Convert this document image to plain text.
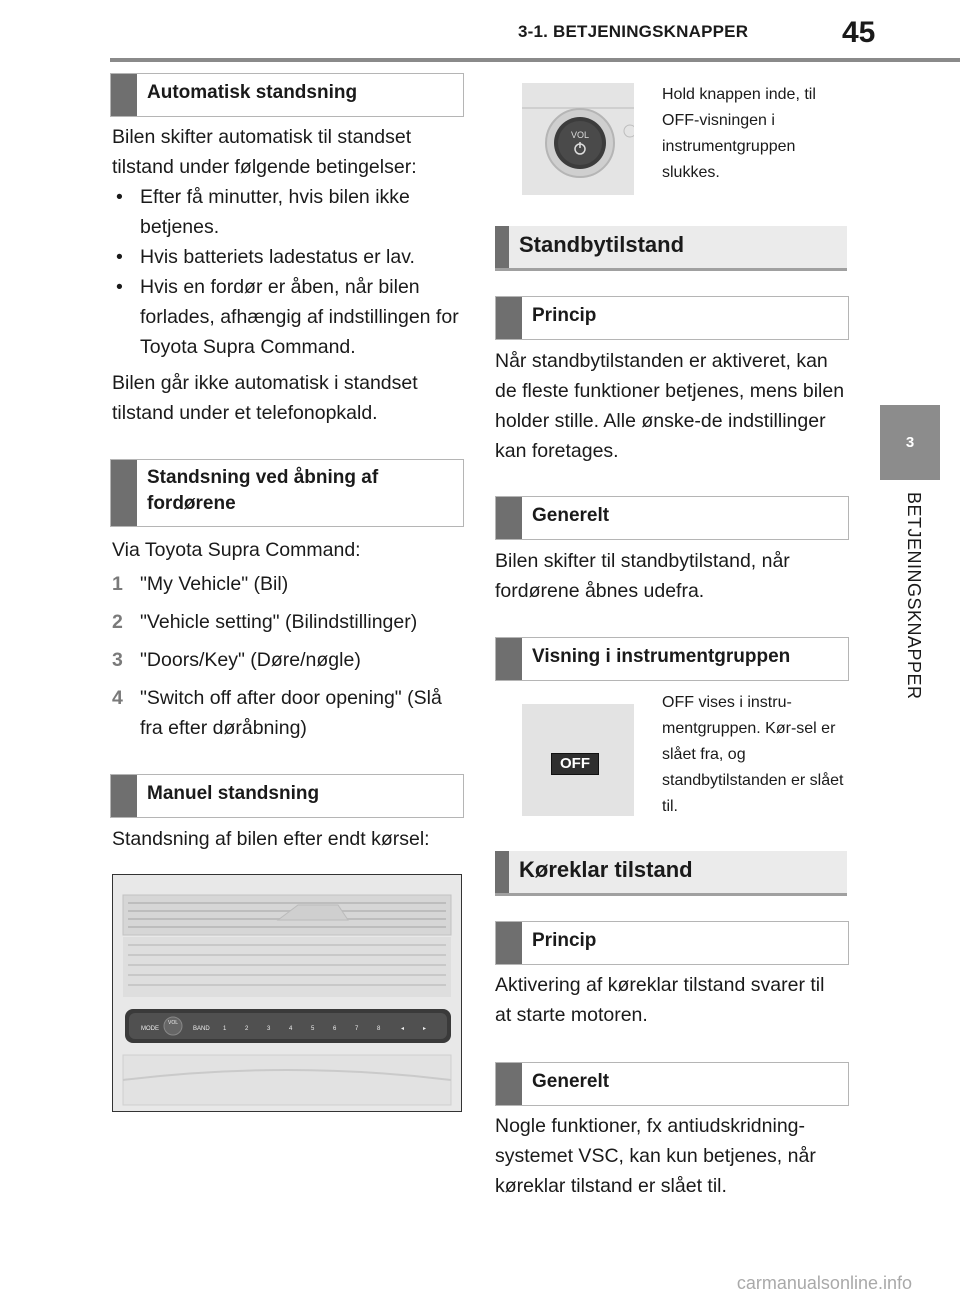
3-1. BETJENINGSKNAPPER	45
3
BETJENINGSKNAPPER
Automatisk standsning
Bilen skifter automatisk til standset tilstand under følgende betingelser:
• Efter få minutter, hvis bilen ikke betjenes.
• Hvis batteriets ladestatus er lav.
• Hvis en fordør er åben, når bilen forlades, afhængig af indstillingen for Toyota Supra Command.
Bilen går ikke automatisk i standset tilstand under et telefonopkald.
Standsning ved åbning af fordørene
Via Toyota Supra Command:
1 "My Vehicle" (Bil)
2 "Vehicle setting" (Bilindstillinger)
3 "Doors/Key" (Døre/nøgle)
4 "Switch off after door opening" (Slå fra efter døråbning)
Manuel standsning
Standsning af bilen efter endt kørsel:
MODE
VOL
BAND 1	2	3	4	5	6	7	8	◂	▸
VOL
Hold knappen inde, til OFF-visningen i instrumentgruppen slukkes.
Standbytilstand
Princip
Når standbytilstanden er aktiveret, kan de fleste funktioner betjenes, mens bilen holder stille. Alle ønske-de indstillinger kan foretages.
Generelt
Bilen skifter til standbytilstand, når fordørene åbnes udefra.
Visning i instrumentgruppen
OFF
OFF vises i instru-mentgruppen. Kør-sel er slået fra, og standbytilstanden er slået til.
Køreklar tilstand
Princip
Aktivering af køreklar tilstand svarer til at starte motoren.
Generelt
Nogle funktioner, fx antiudskridning-systemet VSC, kan kun betjenes, når køreklar tilstand er slået til.
carmanualsonline.info
